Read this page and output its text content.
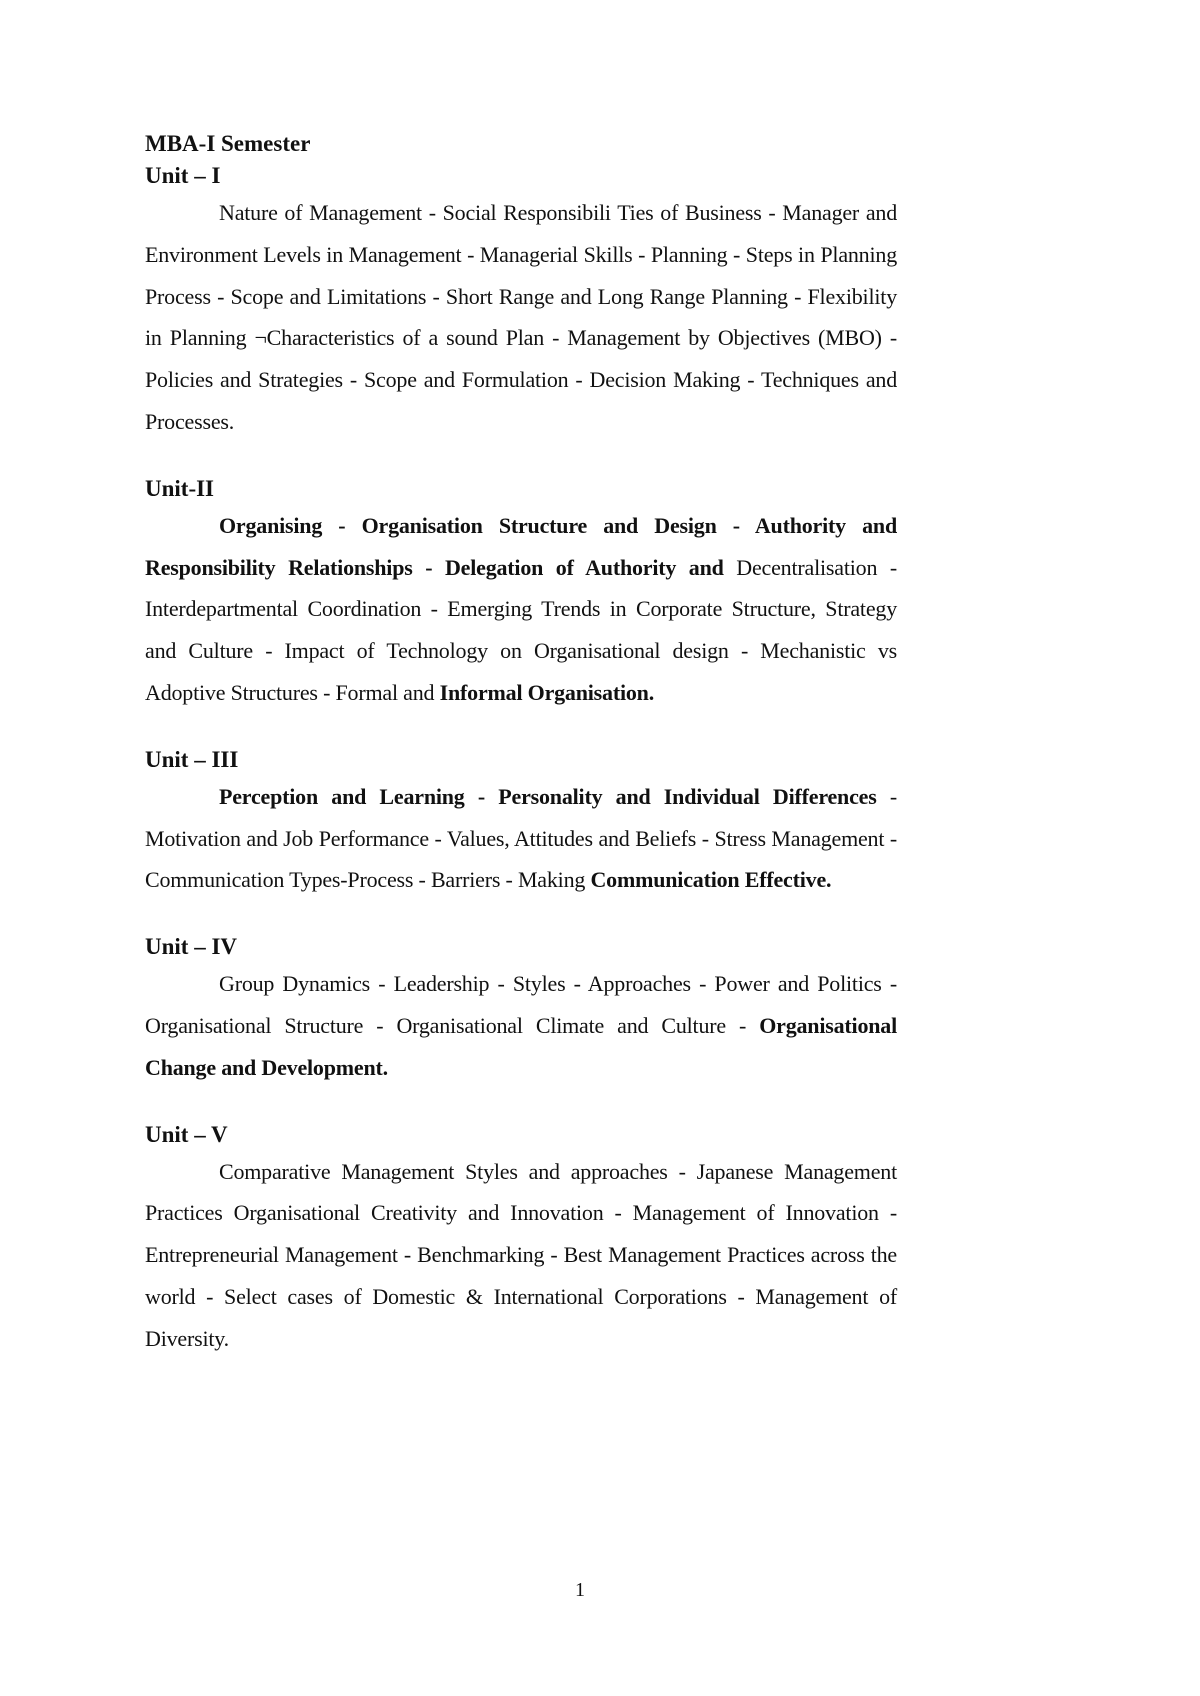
MBA-I Semester

Unit – I

Nature of Management - Social Responsibili Ties of Business - Manager and Environment Levels in Management - Managerial Skills - Planning - Steps in Planning Process - Scope and Limitations - Short Range and Long Range Planning - Flexibility in Planning ¬Characteristics of a sound Plan - Management by Objectives (MBO) - Policies and Strategies - Scope and Formulation - Decision Making - Techniques and Processes.

Unit-II

Organising - Organisation Structure and Design - Authority and Responsibility Relationships - Delegation of Authority and Decentralisation - Interdepartmental Coordination - Emerging Trends in Corporate Structure, Strategy and Culture - Impact of Technology on Organisational design - Mechanistic vs Adoptive Structures - Formal and Informal Organisation.

Unit – III

Perception and Learning - Personality and Individual Differences - Motivation and Job Performance - Values, Attitudes and Beliefs - Stress Management - Communication Types-Process - Barriers - Making Communication Effective.

Unit – IV

Group Dynamics - Leadership - Styles - Approaches - Power and Politics - Organisational Structure - Organisational Climate and Culture - Organisational Change and Development.

Unit – V

Comparative Management Styles and approaches - Japanese Management Practices Organisational Creativity and Innovation - Management of Innovation - Entrepreneurial Management - Benchmarking - Best Management Practices across the world - Select cases of Domestic & International Corporations - Management of Diversity.

1
